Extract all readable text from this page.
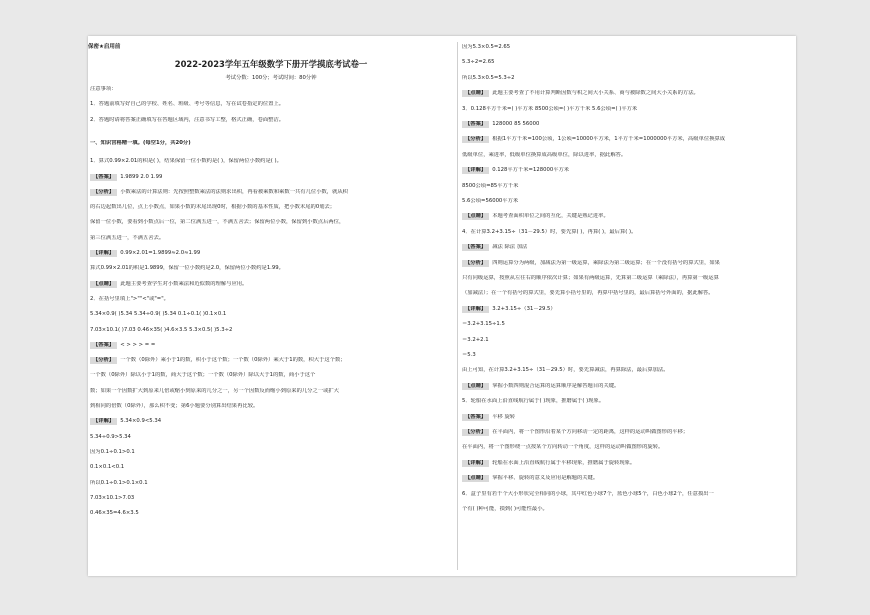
保密★启用前
2022-2023学年五年级数学下册开学摸底考试卷一
考试分数：100分；考试时间：80分钟
注意事项：
1．答题前填写好自己的学校、姓名、班级、考号等信息，写在试卷指定的位置上。
2．答题时请将答案正确填写在答题区域内，注意书写工整，格式正确，卷面整洁。
一、知识宫格精一填。(每空1分，共20分)
1．算式0.99×2.01的积是( )，结果保留一位小数约是( )，保留两位小数约是( )。
【答案】 1.9899 2.0 1.99
【分析】 小数乘法的计算法则：先按照整数乘法的法则求出积，再看被乘数和乘数一共有几位小数，就从积
的右边起数出几位，点上小数点，如果小数的末尾出现0时，根据小数的基本性质，把小数末尾的0划去；
保留一位小数，要看到小数点后一位，第二位满五进一，不满五舍去；保留两位小数，保留到小数点后两位，
第三位满五进一，不满五舍去。
【详解】 0.99×2.01=1.9899≈2.0≈1.99
算式0.99×2.01的积是1.9899，保留一位小数约是2.0，保留两位小数约是1.99。
【点睛】 此题主要考查学生对小数乘法和近似数的理解与应用。
2．在括号里填上">""<"或"="。
5.34×0.9( )5.34 5.34÷0.9( )5.34 0.1÷0.1( )0.1×0.1
7.03×10.1( )7.03 0.46×35( )4.6×3.5 5.3×0.5( )5.3÷2
【答案】 < > > > = =
【分析】 一个数（0除外）乘小于1的数，积小于这个数；一个数（0除外）乘大于1的数，积大于这个数；
一个数（0除外）除以小于1的数，商大于这个数；一个数（0除外）除以大于1的数，商小于这个
数；如果一个因数扩大到原来几倍或缩小到原来的几分之一，另一个因数反而缩小到原来的几分之一或扩大
到相同的倍数（0除外），那么积不变；第6小题要分别算出结果再比较。
【详解】 5.34×0.9<5.34
5.34÷0.9>5.34
因为0.1÷0.1>0.1
0.1×0.1<0.1
所以0.1÷0.1>0.1×0.1
7.03×10.1>7.03
0.46×35=4.6×3.5
因为5.3×0.5=2.65
5.3÷2=2.65
所以5.3×0.5=5.3÷2
【点睛】 此题主要考查了不用计算判断因数与积之间大小关系、商与被除数之间大小关系的方法。
3．0.128平方千米=( )平方米 8500公顷=( )平方千米 5.6公顷=( )平方米
【答案】 128000 85 56000
【分析】 根据1平方千米=100公顷，1公顷=10000平方米，1平方千米=1000000平方米，高级单位换算成
低级单位，乘进率，低级单位换算成高级单位，除以进率，据此解答。
【详解】 0.128平方千米=128000平方米
8500公顷=85平方千米
5.6公顷=56000平方米
【点睛】 本题考查面积单位之间的互化，关键是熟记进率。
4．在计算3.2+3.15÷（31－29.5）时，要先算( )，再算( )，最后算( )。
【答案】 减法 除法 加法
【分析】 四则运算分为两级，加减法为第一级运算，乘除法为第二级运算；在一个没有括号的算式里，如果
只有同级运算，按照从左往右的顺序依次计算；如果有两级运算，先算第二级运算（乘除法），再算第一级运算
（加减法）；在一个有括号的算式里，要先算小括号里的，再算中括号里的，最后算括号外面的，据此解答。
【详解】 3.2+3.15÷（31－29.5）
＝3.2+3.15÷1.5
＝3.2+2.1
＝5.3
由上可知，在计算3.2+3.15÷（31－29.5）时，要先算减法，再算除法，最后算加法。
【点睛】 掌握小数四则混合运算的运算顺序是解答题目的关键。
5．轮船在水面上沿直线航行属于( )现象，推磨属于( )现象。
【答案】 平移 旋转
【分析】 在平面内，将一个图形沿着某个方向移动一定的距离，这样的运动叫做图形的平移；
在平面内，将一个图形绕一点按某个方向转动一个角度，这样的运动叫做图形的旋转。
【详解】 轮船在水面上沿直线航行属于平移现象，推磨属于旋转现象。
【点睛】 掌握平移、旋转的意义及应用是解题的关键。
6．盒子里有若干个大小形状完全相同的小球，其中红色小球7个，蓝色小球5个，白色小球2个，任意摸出一
个有( )种可能，摸到( )可能性最小。
